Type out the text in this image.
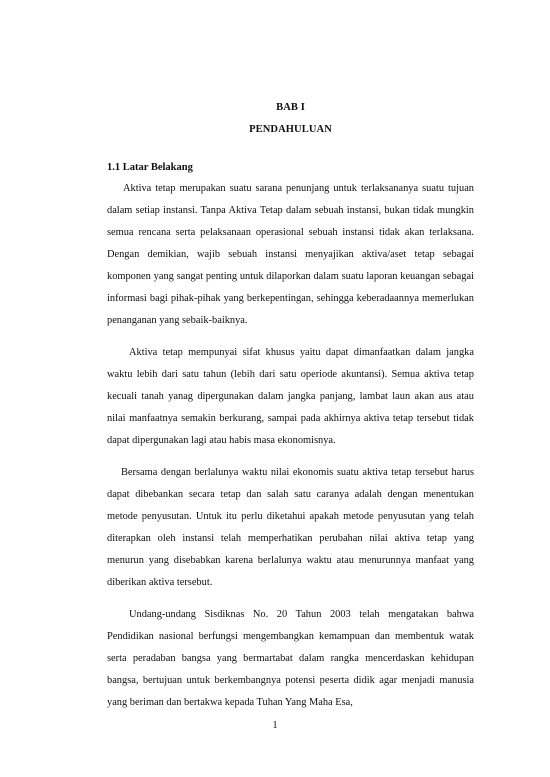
BAB I
PENDAHULUAN
1.1 Latar Belakang

Aktiva tetap merupakan suatu sarana penunjang untuk terlaksananya suatu tujuan dalam setiap instansi. Tanpa Aktiva Tetap dalam sebuah instansi, bukan tidak mungkin semua rencana serta pelaksanaan operasional sebuah instansi tidak akan terlaksana. Dengan demikian, wajib sebuah instansi menyajikan aktiva/aset tetap sebagai komponen yang sangat penting untuk dilaporkan dalam suatu laporan keuangan sebagai informasi bagi pihak-pihak yang berkepentingan, sehingga keberadaannya memerlukan penanganan yang sebaik-baiknya.

Aktiva tetap mempunyai sifat khusus yaitu dapat dimanfaatkan dalam jangka waktu lebih dari satu tahun (lebih dari satu operiode akuntansi). Semua aktiva tetap kecuali tanah yanag dipergunakan dalam jangka panjang, lambat laun akan aus atau nilai manfaatnya semakin berkurang, sampai pada akhirnya aktiva tetap tersebut tidak dapat dipergunakan lagi atau habis masa ekonomisnya.

Bersama dengan berlalunya waktu nilai ekonomis suatu aktiva tetap tersebut harus dapat dibebankan secara tetap dan salah satu caranya adalah dengan menentukan metode penyusutan. Untuk itu perlu diketahui apakah metode penyusutan yang telah diterapkan oleh instansi telah memperhatikan perubahan nilai aktiva tetap yang menurun yang disebabkan karena berlalunya waktu atau menurunnya manfaat yang diberikan aktiva tersebut.

Undang-undang Sisdiknas No. 20 Tahun 2003 telah mengatakan bahwa Pendidikan nasional berfungsi mengembangkan kemampuan dan membentuk watak serta peradaban bangsa yang bermartabat dalam rangka mencerdaskan kehidupan bangsa, bertujuan untuk berkembangnya potensi peserta didik agar menjadi manusia yang beriman dan bertakwa kepada Tuhan Yang Maha Esa,

1
